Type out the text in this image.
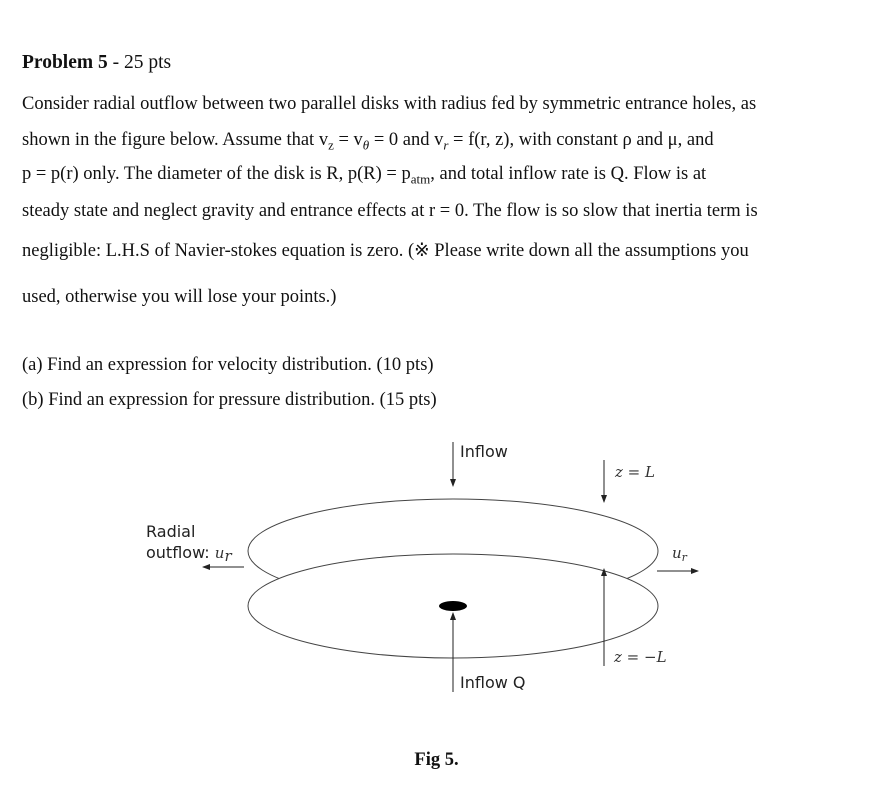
Problem 5 - 25 pts
Consider radial outflow between two parallel disks with radius fed by symmetric entrance holes, as
shown in the figure below. Assume that $v_z = v_\theta = 0$ and $v_r = f(r$, z), with constant ρ and μ, and
p = p(r) only. The diameter of the disk is R, $p(R) = p_{atm}$, and total inflow rate is Q. Flow is at
steady state and neglect gravity and entrance effects at r = 0. The flow is so slow that inertia term is
negligible: L.H.S of Navier-stokes equation is zero. (※ Please write down all the assumptions you
used, otherwise you will lose your points.)
(a) Find an expression for velocity distribution. (10 pts)
(b) Find an expression for pressure distribution. (15 pts)
Inflow
Inflow Q
z = L
z = −L
Radial
outflow: ur	$u_r$
Fig 5.
